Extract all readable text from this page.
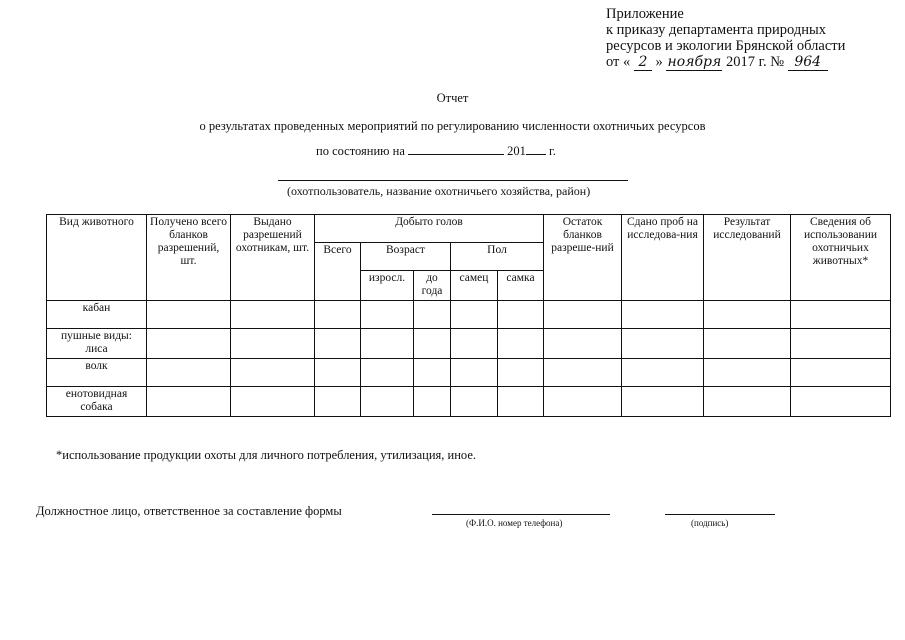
Приложение
к приказу департамента природных
ресурсов и экологии Брянской области
от « 2 » ноября 2017 г. № 964
Отчет
о результатах проведенных мероприятий по регулированию численности охотничьих ресурсов
по состоянию на	201 г.
(охотпользователь, название охотничьего хозяйства, район)
Вид животного	Получено всего бланков разрешений, шт.	Выдано разрешений охотникам, шт.	Добыто голов					Остаток бланков разреше-ний	Сдано проб на исследова-ния	Результат исследований	Сведения об использовании охотничьих животных*
			Всего	Возраст		Пол					
				изросл.	до года	самец	самка				
кабан											
пушные виды: лиса											
волк											
енотовидная собака											
*использование продукции охоты для личного потребления, утилизация, иное.
Должностное лицо, ответственное за составление формы
(Ф.И.О. номер телефона)	(подпись)
